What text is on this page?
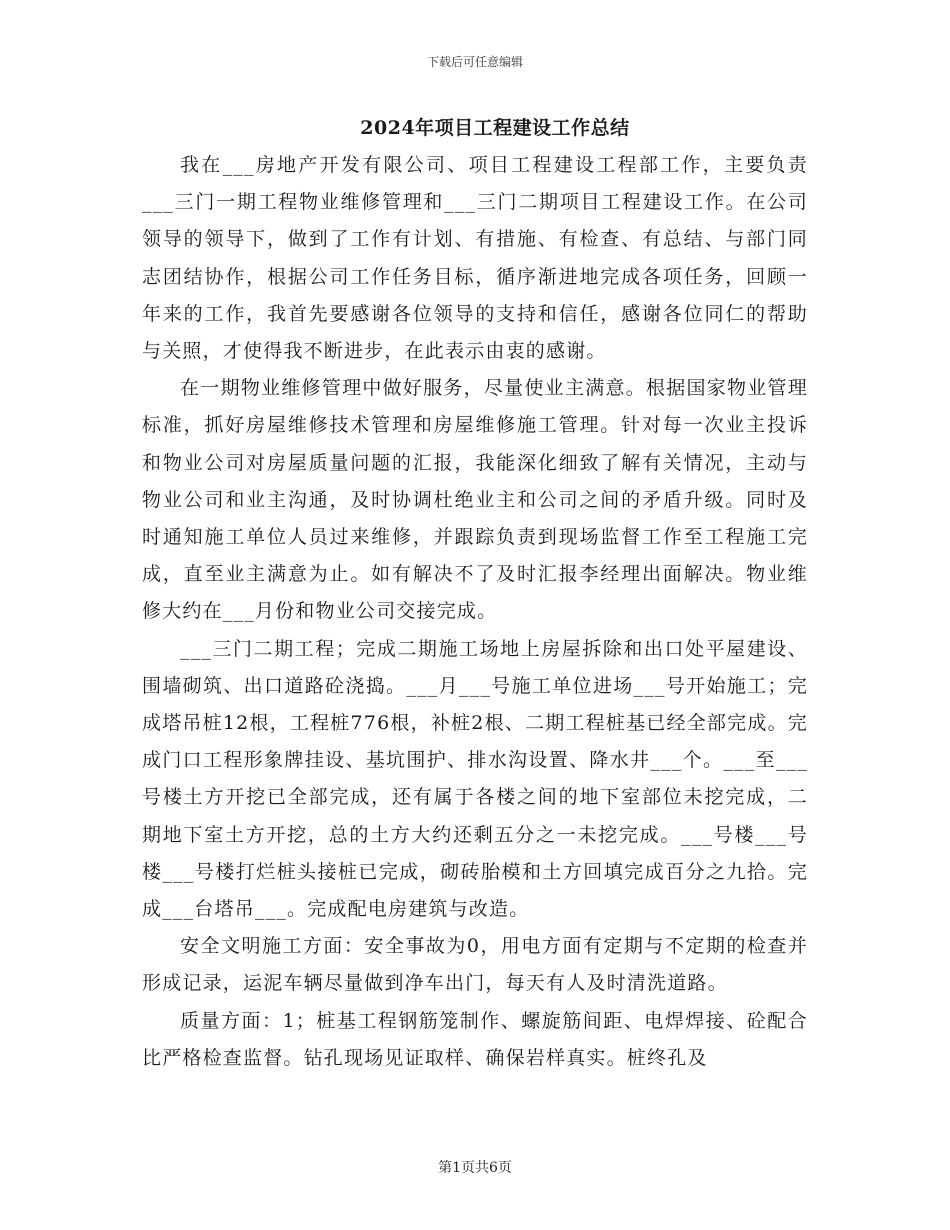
下载后可任意编辑
2024年项目工程建设工作总结

我在___房地产开发有限公司、项目工程建设工程部工作，主要负责___三门一期工程物业维修管理和___三门二期项目工程建设工作。在公司领导的领导下，做到了工作有计划、有措施、有检查、有总结、与部门同志团结协作，根据公司工作任务目标，循序渐进地完成各项任务，回顾一年来的工作，我首先要感谢各位领导的支持和信任，感谢各位同仁的帮助与关照，才使得我不断进步，在此表示由衷的感谢。

在一期物业维修管理中做好服务，尽量使业主满意。根据国家物业管理标准，抓好房屋维修技术管理和房屋维修施工管理。针对每一次业主投诉和物业公司对房屋质量问题的汇报，我能深化细致了解有关情况，主动与物业公司和业主沟通，及时协调杜绝业主和公司之间的矛盾升级。同时及时通知施工单位人员过来维修，并跟踪负责到现场监督工作至工程施工完成，直至业主满意为止。如有解决不了及时汇报李经理出面解决。物业维修大约在___月份和物业公司交接完成。

___三门二期工程；完成二期施工场地上房屋拆除和出口处平屋建设、围墙砌筑、出口道路砼浇捣。___月___号施工单位进场___号开始施工；完成塔吊桩12根，工程桩776根，补桩2根、二期工程桩基已经全部完成。完成门口工程形象牌挂设、基坑围护、排水沟设置、降水井___个。___至___号楼土方开挖已全部完成，还有属于各楼之间的地下室部位未挖完成，二期地下室土方开挖，总的土方大约还剩五分之一未挖完成。___号楼___号楼___号楼打烂桩头接桩已完成，砌砖胎模和土方回填完成百分之九拾。完成___台塔吊___。完成配电房建筑与改造。

安全文明施工方面：安全事故为0，用电方面有定期与不定期的检查并形成记录，运泥车辆尽量做到净车出门，每天有人及时清洗道路。

质量方面：1；桩基工程钢筋笼制作、螺旋筋间距、电焊焊接、砼配合比严格检查监督。钻孔现场见证取样、确保岩样真实。桩终孔及

第1页共6页
